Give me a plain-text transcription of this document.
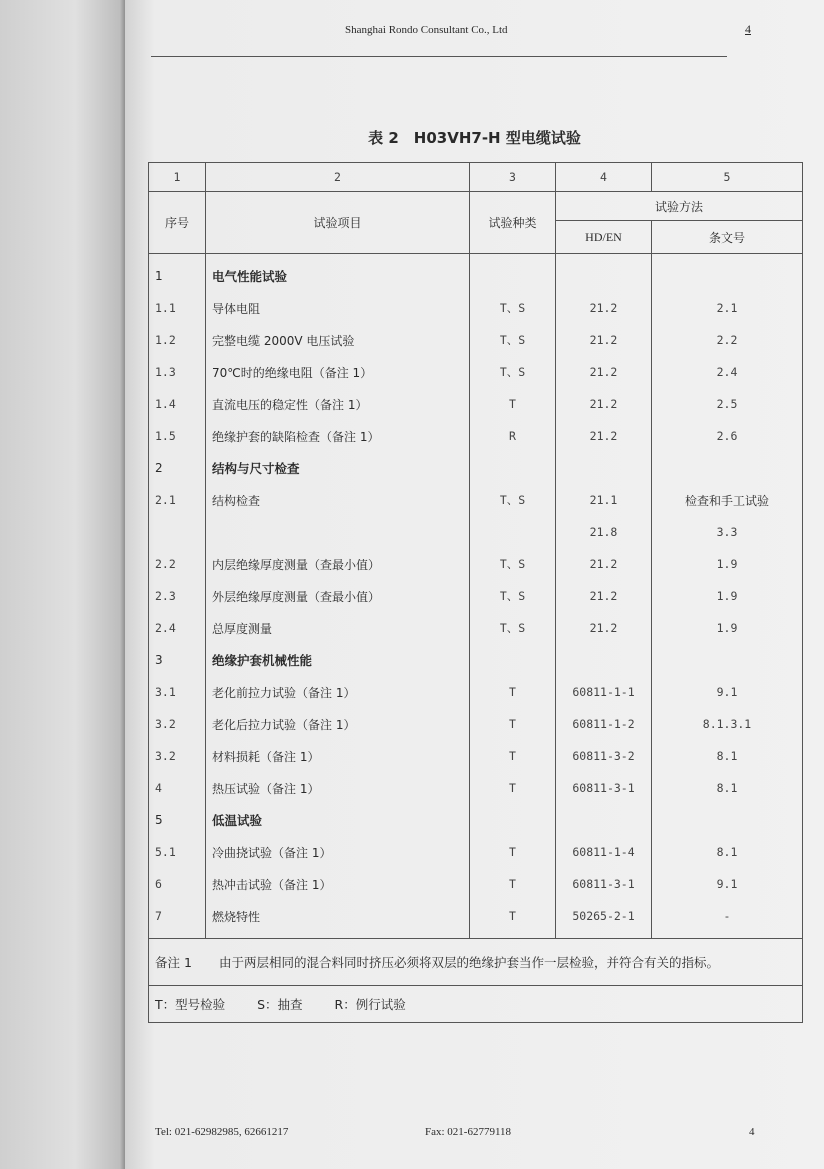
Shanghai Rondo Consultant Co., Ltd	4
表 2　H03VH7-H 型电缆试验
1	2	3	4	5
序号	试验项目	试验种类	试验方法	
			HD/EN	条文号
1	电气性能试验			
1.1	导体电阻	T、S	21.2	2.1
1.2	完整电缆 2000V 电压试验	T、S	21.2	2.2
1.3	70℃时的绝缘电阻（备注 1）	T、S	21.2	2.4
1.4	直流电压的稳定性（备注 1）	T	21.2	2.5
1.5	绝缘护套的缺陷检查（备注 1）	R	21.2	2.6
2	结构与尺寸检查			
2.1	结构检查	T、S	21.1	检查和手工试验
			21.8	3.3
2.2	内层绝缘厚度测量（查最小值）	T、S	21.2	1.9
2.3	外层绝缘厚度测量（查最小值）	T、S	21.2	1.9
2.4	总厚度测量	T、S	21.2	1.9
3	绝缘护套机械性能			
3.1	老化前拉力试验（备注 1）	T	60811-1-1	9.1
3.2	老化后拉力试验（备注 1）	T	60811-1-2	8.1.3.1
3.2	材料损耗（备注 1）	T	60811-3-2	8.1
4	热压试验（备注 1）	T	60811-3-1	8.1
5	低温试验			
5.1	冷曲挠试验（备注 1）	T	60811-1-4	8.1
6	热冲击试验（备注 1）	T	60811-3-1	9.1
7	燃烧特性	T	50265-2-1	-
备注 1 由于两层相同的混合料同时挤压必须将双层的绝缘护套当作一层检验，并符合有关的指标。				
T：型号检验 S：抽查 R：例行试验				
Tel: 021-62982985, 62661217	Fax: 021-62779118	4
